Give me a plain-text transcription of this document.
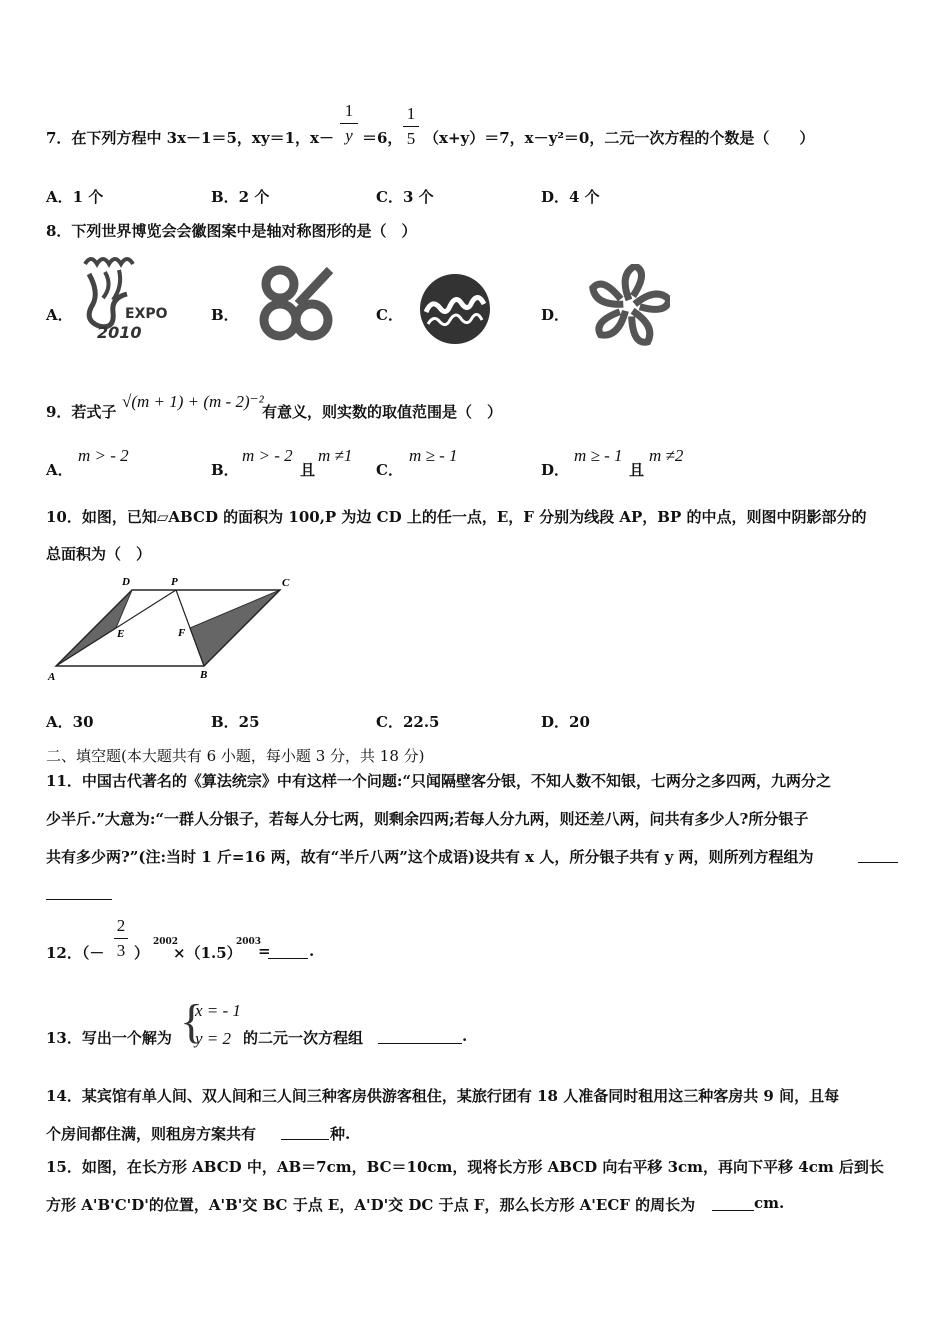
7．在下列方程中 3x－1＝5，xy＝1，x－
1
y ＝6，
1
5 （x+y）＝7，x－y²＝0，二元一次方程的个数是（　　）
A．1 个	B．2 个	C．3 个	D．4 个
8．下列世界博览会会徽图案中是轴对称图形的是（　）
A．	EXPO
2010
B．	C．	D．
9．若式子
√(m + 1) + (m - 2)⁻²
有意义，则实数的取值范围是（　）
A．
m > - 2
B．
m > - 2
且
m ≠1
C．
m ≥ - 1
D．
m ≥ - 1
且
m ≠2
10．如图，已知▱ABCD 的面积为 100,P 为边 CD 上的任一点，E，F 分别为线段 AP，BP 的中点，则图中阴影部分的
总面积为（　）
D	P	C
E	F
A	B
A．30	B．25	C．22.5	D．20
二、填空题(本大题共有 6 小题，每小题 3 分，共 18 分)
11．中国古代著名的《算法统宗》中有这样一个问题:“只闻隔壁客分银，不知人数不知银，七两分之多四两，九两分之
少半斤.”大意为:“一群人分银子，若每人分七两，则剩余四两;若每人分九两，则还差八两，问共有多少人?所分银子
共有多少两?”(注:当时 1 斤=16 两，故有“半斤八两”这个成语)设共有 x 人，所分银子共有 y 两，则所列方程组为
12．（－
2
3 ）
2002
×（1.5）
2003
=	.
13．写出一个解为 {
x = - 1
y = 2 的二元一次方程组	.
14．某宾馆有单人间、双人间和三人间三种客房供游客租住，某旅行团有 18 人准备同时租用这三种客房共 9 间，且每
个房间都住满，则租房方案共有	种.
15．如图，在长方形 ABCD 中，AB＝7cm，BC＝10cm，现将长方形 ABCD 向右平移 3cm，再向下平移 4cm 后到长
方形 A'B'C'D'的位置，A'B'交 BC 于点 E，A'D'交 DC 于点 F，那么长方形 A'ECF 的周长为	cm.
